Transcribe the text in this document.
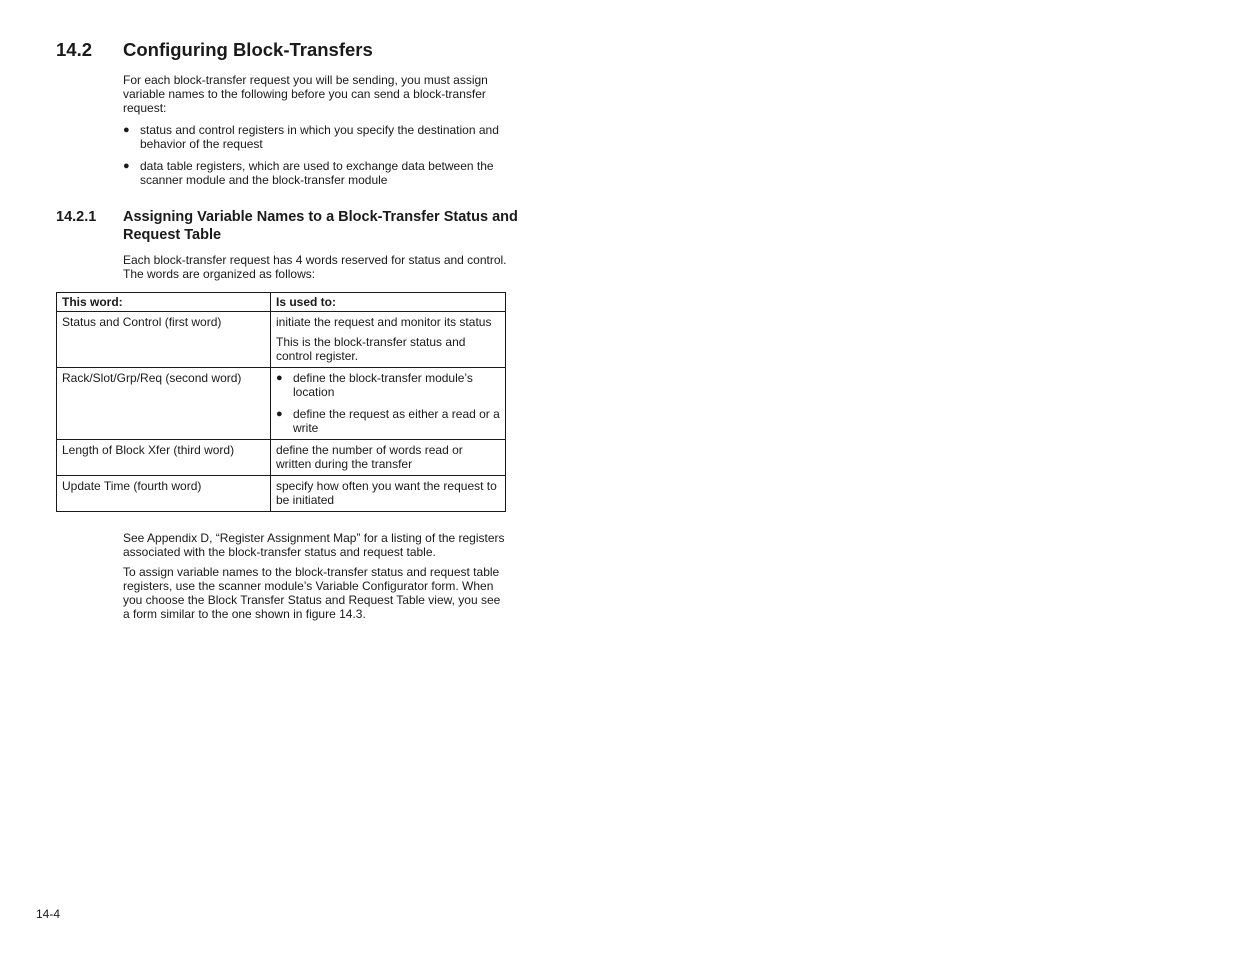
14.2 Configuring Block-Transfers
For each block-transfer request you will be sending, you must assign variable names to the following before you can send a block-transfer request:
● status and control registers in which you specify the destination and behavior of the request
● data table registers, which are used to exchange data between the scanner module and the block-transfer module
14.2.1 Assigning Variable Names to a Block-Transfer Status and Request Table
Each block-transfer request has 4 words reserved for status and control. The words are organized as follows:
This word:	Is used to:
Status and Control (first word)	initiate the request and monitor its status
This is the block-transfer status and control register.

Rack/Slot/Grp/Req (second word)	● define the block-transfer module’s location
● define the request as either a read or a write

Length of Block Xfer (third word)	define the number of words read or written during the transfer

Update Time (fourth word)	specify how often you want the request to be initiated
See Appendix D, “Register Assignment Map” for a listing of the registers associated with the block-transfer status and request table.
To assign variable names to the block-transfer status and request table registers, use the scanner module’s Variable Configurator form. When you choose the Block Transfer Status and Request Table view, you see a form similar to the one shown in figure 14.3.
14-4
